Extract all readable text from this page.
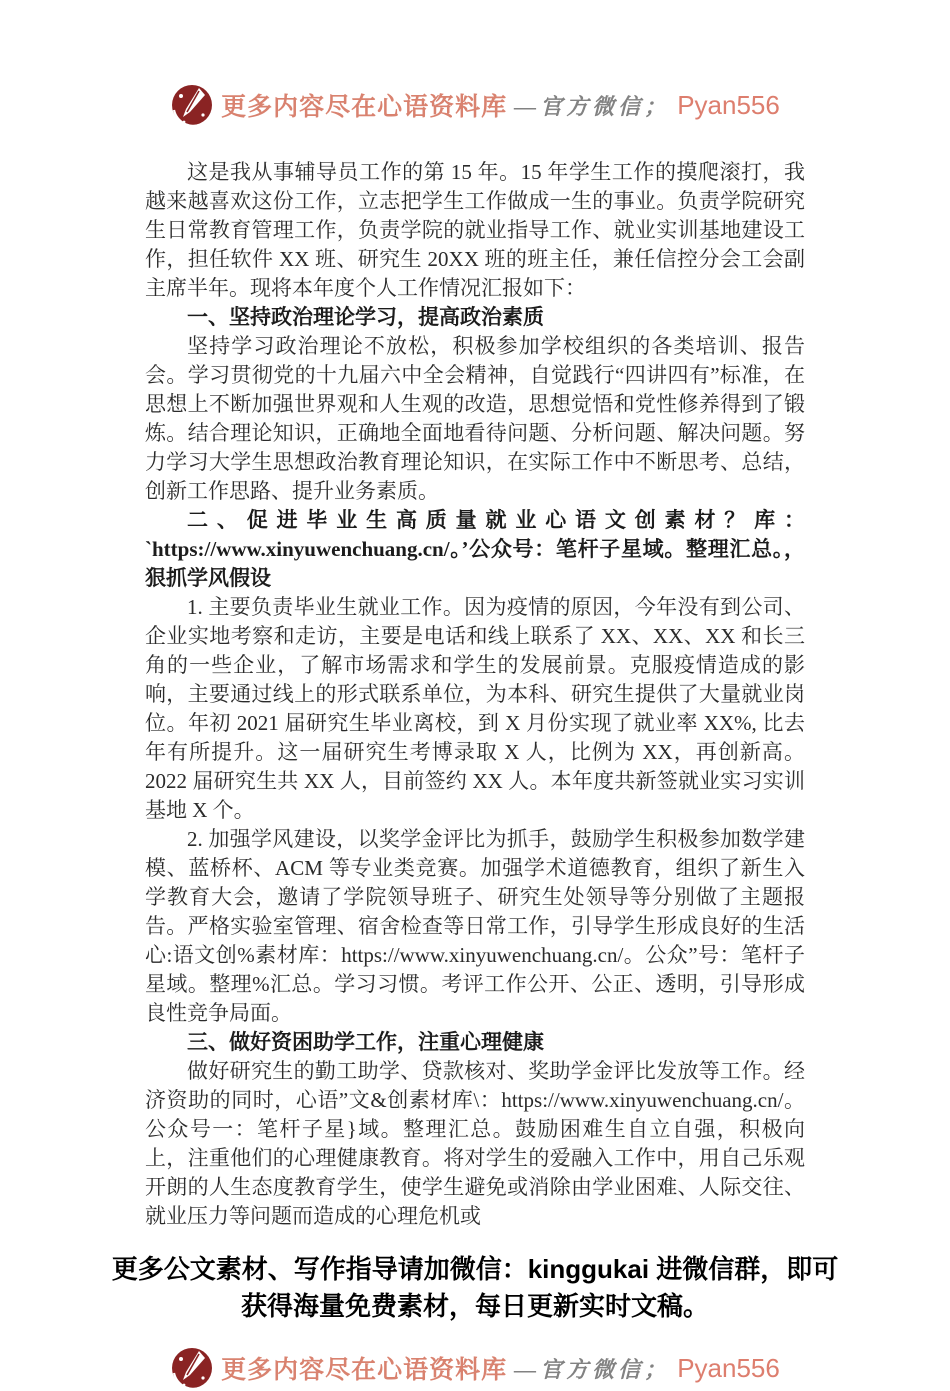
更多内容尽在心语资料库 —官方微信； Pyan556

这是我从事辅导员工作的第 15 年。15 年学生工作的摸爬滚打，我越来越喜欢这份工作，立志把学生工作做成一生的事业。负责学院研究生日常教育管理工作，负责学院的就业指导工作、就业实训基地建设工作，担任软件 XX 班、研究生 20XX 班的班主任，兼任信控分会工会副主席半年。现将本年度个人工作情况汇报如下：

一、坚持政治理论学习，提高政治素质

坚持学习政治理论不放松，积极参加学校组织的各类培训、报告会。学习贯彻党的十九届六中全会精神，自觉践行“四讲四有”标准，在思想上不断加强世界观和人生观的改造，思想觉悟和党性修养得到了锻炼。结合理论知识，正确地全面地看待问题、分析问题、解决问题。努力学习大学生思想政治教育理论知识，在实际工作中不断思考、总结，创新工作思路、提升业务素质。

二、促进毕业生高质量就业心语文创素材？库：`https://www.xinyuwenchuang.cn/。’公众号：笔杆子星域。整理汇总。，狠抓学风假设

1. 主要负责毕业生就业工作。因为疫情的原因，今年没有到公司、企业实地考察和走访，主要是电话和线上联系了 XX、XX、XX 和长三角的一些企业，了解市场需求和学生的发展前景。克服疫情造成的影响，主要通过线上的形式联系单位，为本科、研究生提供了大量就业岗位。年初 2021 届研究生毕业离校，到 X 月份实现了就业率 XX%, 比去年有所提升。这一届研究生考博录取 X 人，比例为 XX，再创新高。2022 届研究生共 XX 人，目前签约 XX 人。本年度共新签就业实习实训基地 X 个。

2. 加强学风建设，以奖学金评比为抓手，鼓励学生积极参加数学建模、蓝桥杯、ACM 等专业类竞赛。加强学术道德教育，组织了新生入学教育大会，邀请了学院领导班子、研究生处领导等分别做了主题报告。严格实验室管理、宿舍检查等日常工作，引导学生形成良好的生活心:语文创%素材库：https://www.xinyuwenchuang.cn/。公众”号：笔杆子星域。整理%汇总。学习习惯。考评工作公开、公正、透明，引导形成良性竞争局面。

三、做好资困助学工作，注重心理健康

做好研究生的勤工助学、贷款核对、奖助学金评比发放等工作。经济资助的同时，心语”文&创素材库\：https://www.xinyuwenchuang.cn/。公众号一：笔杆子星}域。整理汇总。鼓励困难生自立自强，积极向上，注重他们的心理健康教育。将对学生的爱融入工作中，用自己乐观开朗的人生态度教育学生，使学生避免或消除由学业困难、人际交往、就业压力等问题而造成的心理危机或

更多公文素材、写作指导请加微信：kinggukai 进微信群，即可
获得海量免费素材，每日更新实时文稿。
更多内容尽在心语资料库 —官方微信； Pyan556
